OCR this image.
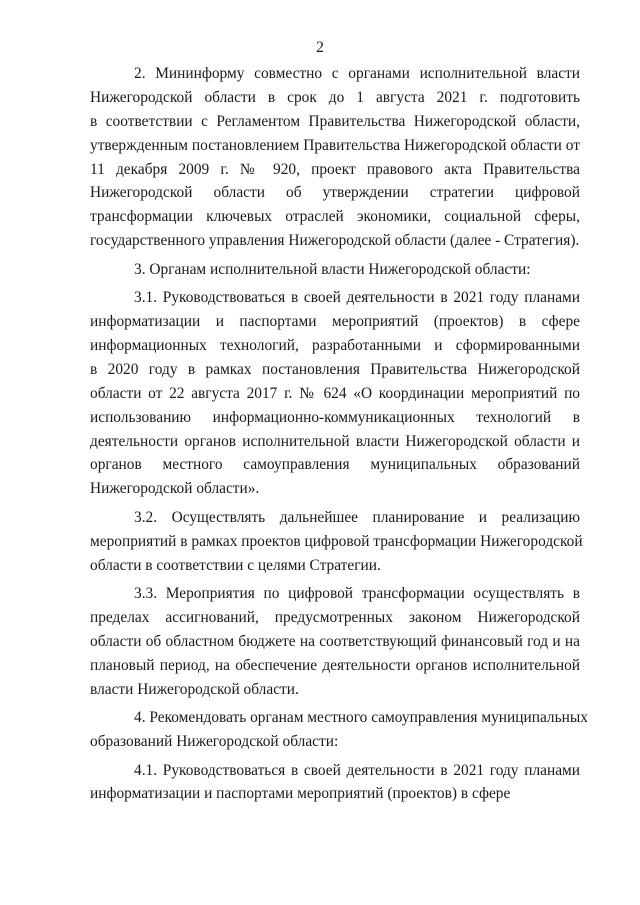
2
2. Мининформу совместно с органами исполнительной власти
Нижегородской области в срок до 1 августа 2021 г. подготовить
в соответствии с Регламентом Правительства Нижегородской области,
утвержденным постановлением Правительства Нижегородской области от
11 декабря 2009 г. № 920, проект правового акта Правительства
Нижегородской области об утверждении стратегии цифровой
трансформации ключевых отраслей экономики, социальной сферы,
государственного управления Нижегородской области (далее - Стратегия).
3. Органам исполнительной власти Нижегородской области:
3.1. Руководствоваться в своей деятельности в 2021 году планами
информатизации и паспортами мероприятий (проектов) в сфере
информационных технологий, разработанными и сформированными
в 2020 году в рамках постановления Правительства Нижегородской
области от 22 августа 2017 г. № 624 «О координации мероприятий по
использованию информационно-коммуникационных технологий в
деятельности органов исполнительной власти Нижегородской области и
органов местного самоуправления муниципальных образований
Нижегородской области».
3.2. Осуществлять дальнейшее планирование и реализацию
мероприятий в рамках проектов цифровой трансформации Нижегородской
области в соответствии с целями Стратегии.
3.3. Мероприятия по цифровой трансформации осуществлять в
пределах ассигнований, предусмотренных законом Нижегородской
области об областном бюджете на соответствующий финансовый год и на
плановый период, на обеспечение деятельности органов исполнительной
власти Нижегородской области.
4. Рекомендовать органам местного самоуправления муниципальных
образований Нижегородской области:
4.1. Руководствоваться в своей деятельности в 2021 году планами
информатизации и паспортами мероприятий (проектов) в сфере
